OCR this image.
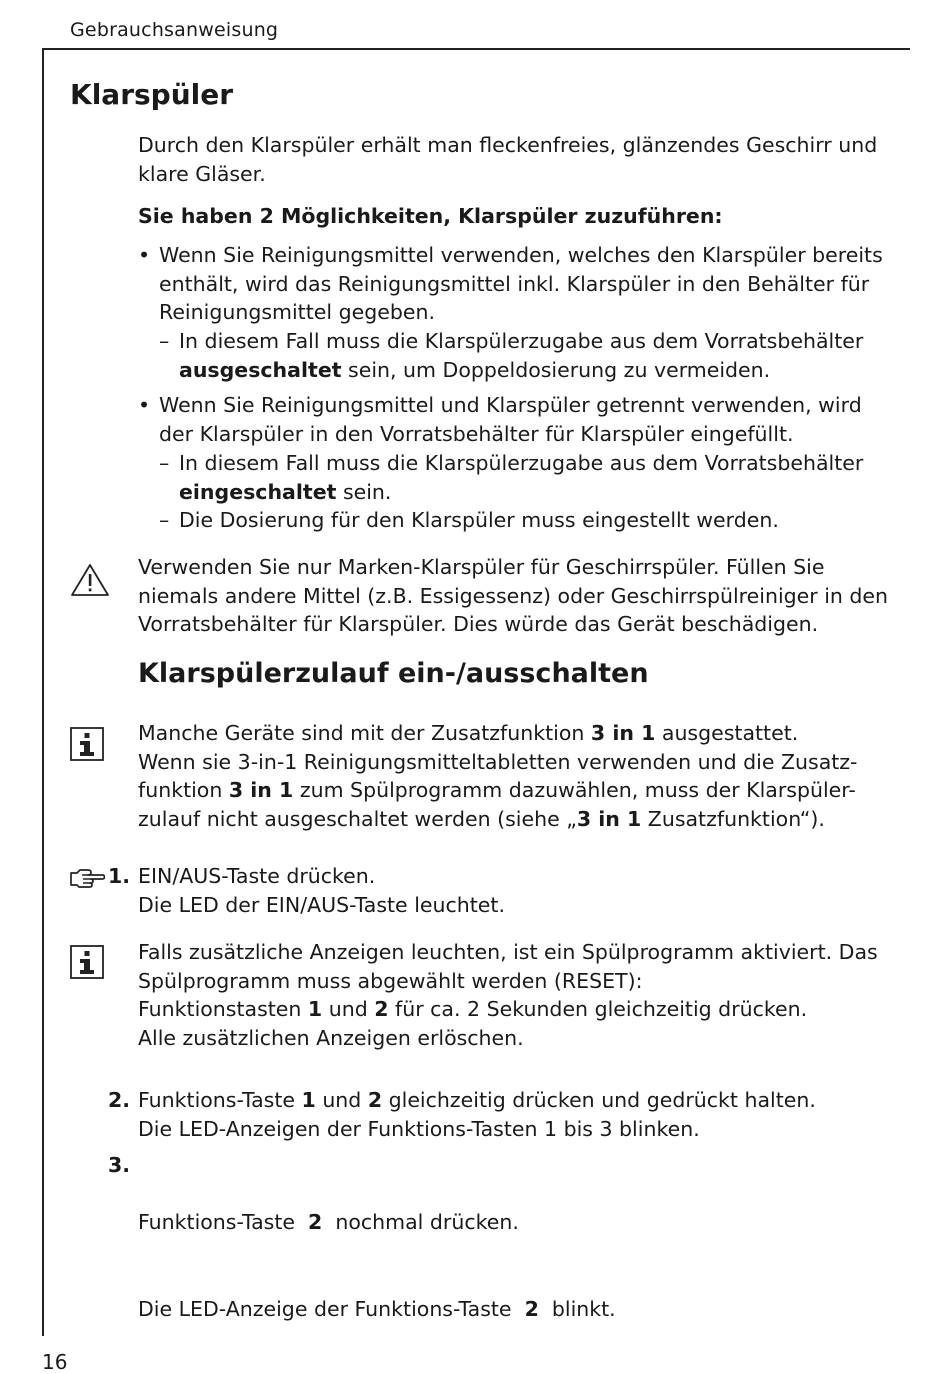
Gebrauchsanweisung
Klarspüler

Durch den Klarspüler erhält man fleckenfreies, glänzendes Geschirr und klare Gläser.

Sie haben 2 Möglichkeiten, Klarspüler zuzuführen:
• Wenn Sie Reinigungsmittel verwenden, welches den Klarspüler bereits enthält, wird das Reinigungsmittel inkl. Klarspüler in den Behälter für Reinigungsmittel gegeben.
– In diesem Fall muss die Klarspülerzugabe aus dem Vorratsbehälter ausgeschaltet sein, um Doppeldosierung zu vermeiden.
• Wenn Sie Reinigungsmittel und Klarspüler getrennt verwenden, wird der Klarspüler in den Vorratsbehälter für Klarspüler eingefüllt.
– In diesem Fall muss die Klarspülerzugabe aus dem Vorratsbehälter eingeschaltet sein.
– Die Dosierung für den Klarspüler muss eingestellt werden.
Verwenden Sie nur Marken-Klarspüler für Geschirrspüler. Füllen Sie niemals andere Mittel (z.B. Essigessenz) oder Geschirrspülreiniger in den Vorratsbehälter für Klarspüler. Dies würde das Gerät beschädigen.
Klarspülerzulauf ein-/ausschalten

Manche Geräte sind mit der Zusatzfunktion 3 in 1 ausgestattet.

Wenn sie 3-in-1 Reinigungsmitteltabletten verwenden und die Zusatz-

funktion 3 in 1 zum Spülprogramm dazuwählen, muss der Klarspüler-

zulauf nicht ausgeschaltet werden (siehe „3 in 1 Zusatzfunktion“).

1. EIN/AUS-Taste drücken.

Die LED der EIN/AUS-Taste leuchtet.

Falls zusätzliche Anzeigen leuchten, ist ein Spülprogramm aktiviert. Das

Spülprogramm muss abgewählt werden (RESET):

Funktionstasten 1 und 2 für ca. 2 Sekunden gleichzeitig drücken.

Alle zusätzlichen Anzeigen erlöschen.

2. Funktions-Taste 1 und 2 gleichzeitig drücken und gedrückt halten.

Die LED-Anzeigen der Funktions-Tasten 1 bis 3 blinken.

3.

Funktions-Taste  2  nochmal drücken.

Die LED-Anzeige der Funktions-Taste  2  blinkt.

16
